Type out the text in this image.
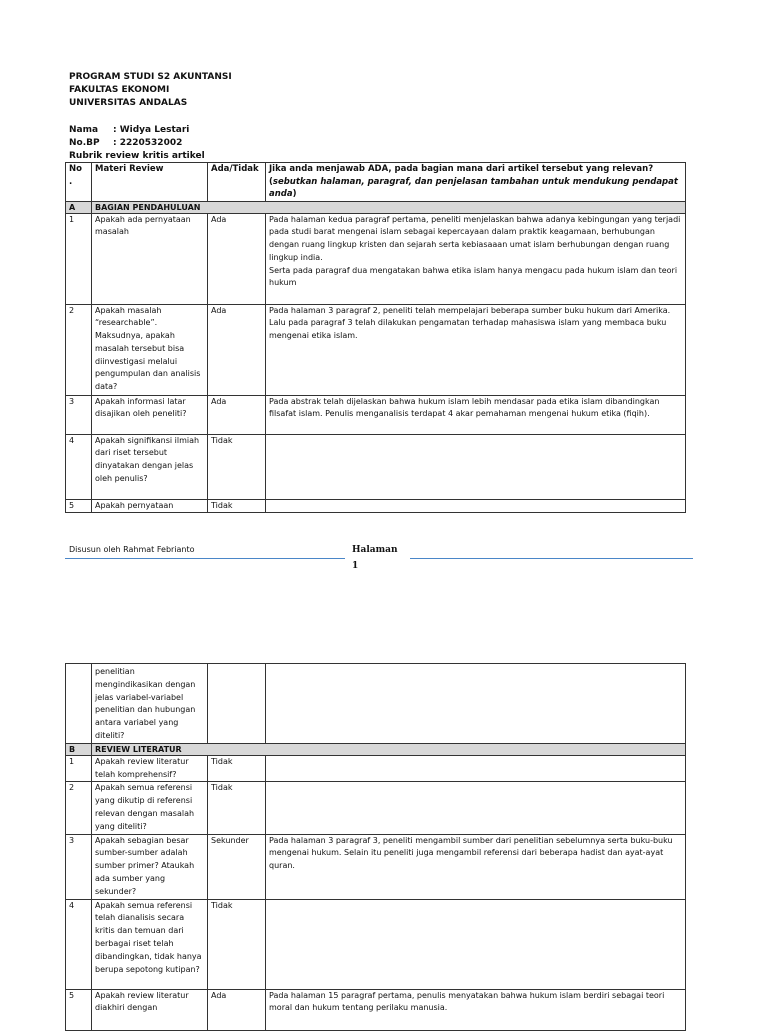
PROGRAM STUDI S2 AKUNTANSI
FAKULTAS EKONOMI
UNIVERSITAS ANDALAS
Nama	: Widya Lestari
No.BP	: 2220532002
Rubrik review kritis artikel
No
.	Materi Review	Ada/Tidak	Jika anda menjawab ADA, pada bagian mana dari artikel tersebut yang relevan? (sebutkan halaman, paragraf, dan penjelasan tambahan untuk mendukung pendapat anda)
A	BAGIAN PENDAHULUAN		
1	Apakah ada pernyataan masalah	Ada	Pada halaman kedua paragraf pertama, peneliti menjelaskan bahwa adanya kebingungan yang terjadi pada studi barat mengenai islam sebagai kepercayaan dalam praktik keagamaan, berhubungan dengan ruang lingkup kristen dan sejarah serta kebiasaaan umat islam berhubungan dengan ruang lingkup india.
Serta pada paragraf dua mengatakan bahwa etika islam hanya mengacu pada hukum islam dan teori hukum
2	Apakah masalah “researchable”. Maksudnya, apakah masalah tersebut bisa diinvestigasi melalui pengumpulan dan analisis data?	Ada	Pada halaman 3 paragraf 2, peneliti telah mempelajari beberapa sumber buku hukum dari Amerika. Lalu pada paragraf 3 telah dilakukan pengamatan terhadap mahasiswa islam yang membaca buku mengenai etika islam.
3	Apakah informasi latar disajikan oleh peneliti?	Ada	Pada abstrak telah dijelaskan bahwa hukum islam lebih mendasar pada etika islam dibandingkan filsafat islam. Penulis menganalisis terdapat 4 akar pemahaman mengenai hukum etika (fiqih).
4	Apakah signifikansi ilmiah dari riset tersebut dinyatakan dengan jelas oleh penulis?	Tidak	
5	Apakah pernyataan	Tidak	
Disusun oleh Rahmat Febrianto	Halaman
1
	penelitian mengindikasikan dengan jelas variabel-variabel penelitian dan hubungan antara variabel yang diteliti?		
B	REVIEW LITERATUR		
1	Apakah review literatur telah komprehensif?	Tidak	
2	Apakah semua referensi yang dikutip di referensi relevan dengan masalah yang diteliti?	Tidak	
3	Apakah sebagian besar sumber-sumber adalah sumber primer? Ataukah ada sumber yang sekunder?	Sekunder	Pada halaman 3 paragraf 3, peneliti mengambil sumber dari penelitian sebelumnya serta buku-buku mengenai hukum. Selain itu peneliti juga mengambil referensi dari beberapa hadist dan ayat-ayat quran.
4	Apakah semua referensi telah dianalisis secara kritis dan temuan dari berbagai riset telah dibandingkan, tidak hanya berupa sepotong kutipan?	Tidak	
5	Apakah review literatur diakhiri dengan	Ada	Pada halaman 15 paragraf pertama, penulis menyatakan bahwa hukum islam berdiri sebagai teori moral dan hukum tentang perilaku manusia.
